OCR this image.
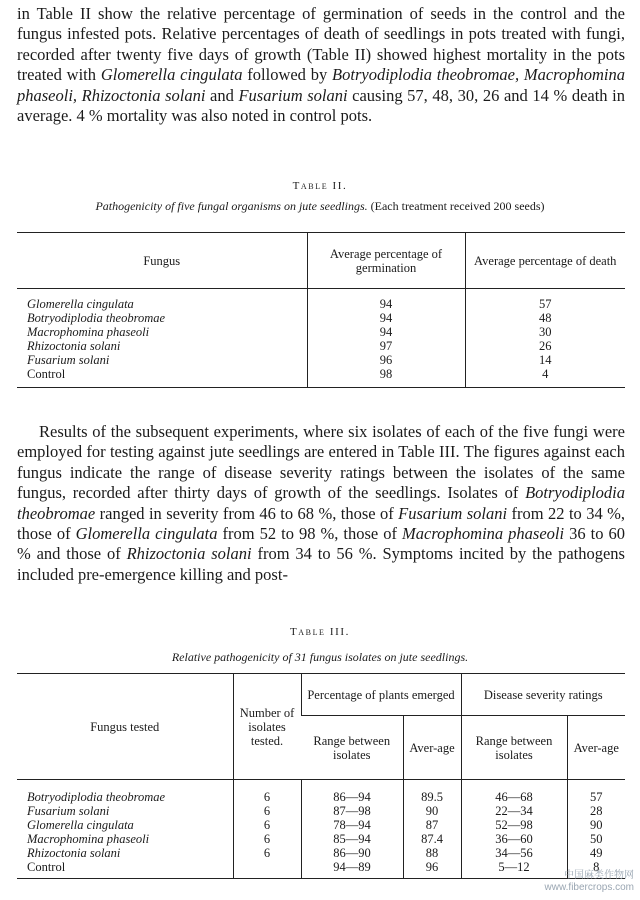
in Table II show the relative percentage of germination of seeds in the control and the fungus infested pots. Relative percentages of death of seedlings in pots treated with fungi, recorded after twenty five days of growth (Table II) showed highest mortality in the pots treated with Glomerella cingulata followed by Botryodiplodia theobromae, Macrophomina phaseoli, Rhizoctonia solani and Fusarium solani causing 57, 48, 30, 26 and 14 % death in average. 4 % mortality was also noted in control pots.

Table II.

Pathogenicity of five fungal organisms on jute seedlings. (Each treatment received 200 seeds)

Fungus	Average percentage of germination	Average percentage of death
Glomerella cingulata	94	57
Botryodiplodia theobromae	94	48
Macrophomina phaseoli	94	30
Rhizoctonia solani	97	26
Fusarium solani	96	14
Control	98	4

Results of the subsequent experiments, where six isolates of each of the five fungi were employed for testing against jute seedlings are entered in Table III. The figures against each fungus indicate the range of disease severity ratings between the isolates of the same fungus, recorded after thirty days of growth of the seedlings. Isolates of Botryodiplodia theobromae ranged in severity from 46 to 68 %, those of Fusarium solani from 22 to 34 %, those of Glomerella cingulata from 52 to 98 %, those of Macrophomina phaseoli 36 to 60 % and those of Rhizoctonia solani from 34 to 56 %. Symptoms incited by the pathogens included pre-emergence killing and post-

Table III.

Relative pathogenicity of 31 fungus isolates on jute seedlings.

Fungus tested	Number of isolates tested.	Percentage of plants emerged		Disease severity ratings	
		Range between isolates	Aver-age	Range between isolates	Aver-age
Botryodiplodia theobromae	6	86—94	89.5	46—68	57
Fusarium solani	6	87—98	90	22—34	28
Glomerella cingulata	6	78—94	87	52—98	90
Macrophomina phaseoli	6	85—94	87.4	36—60	50
Rhizoctonia solani	6	86—90	88	34—56	49
Control		94—89	96	5—12	8
中国麻类作物网
www.fibercrops.com
